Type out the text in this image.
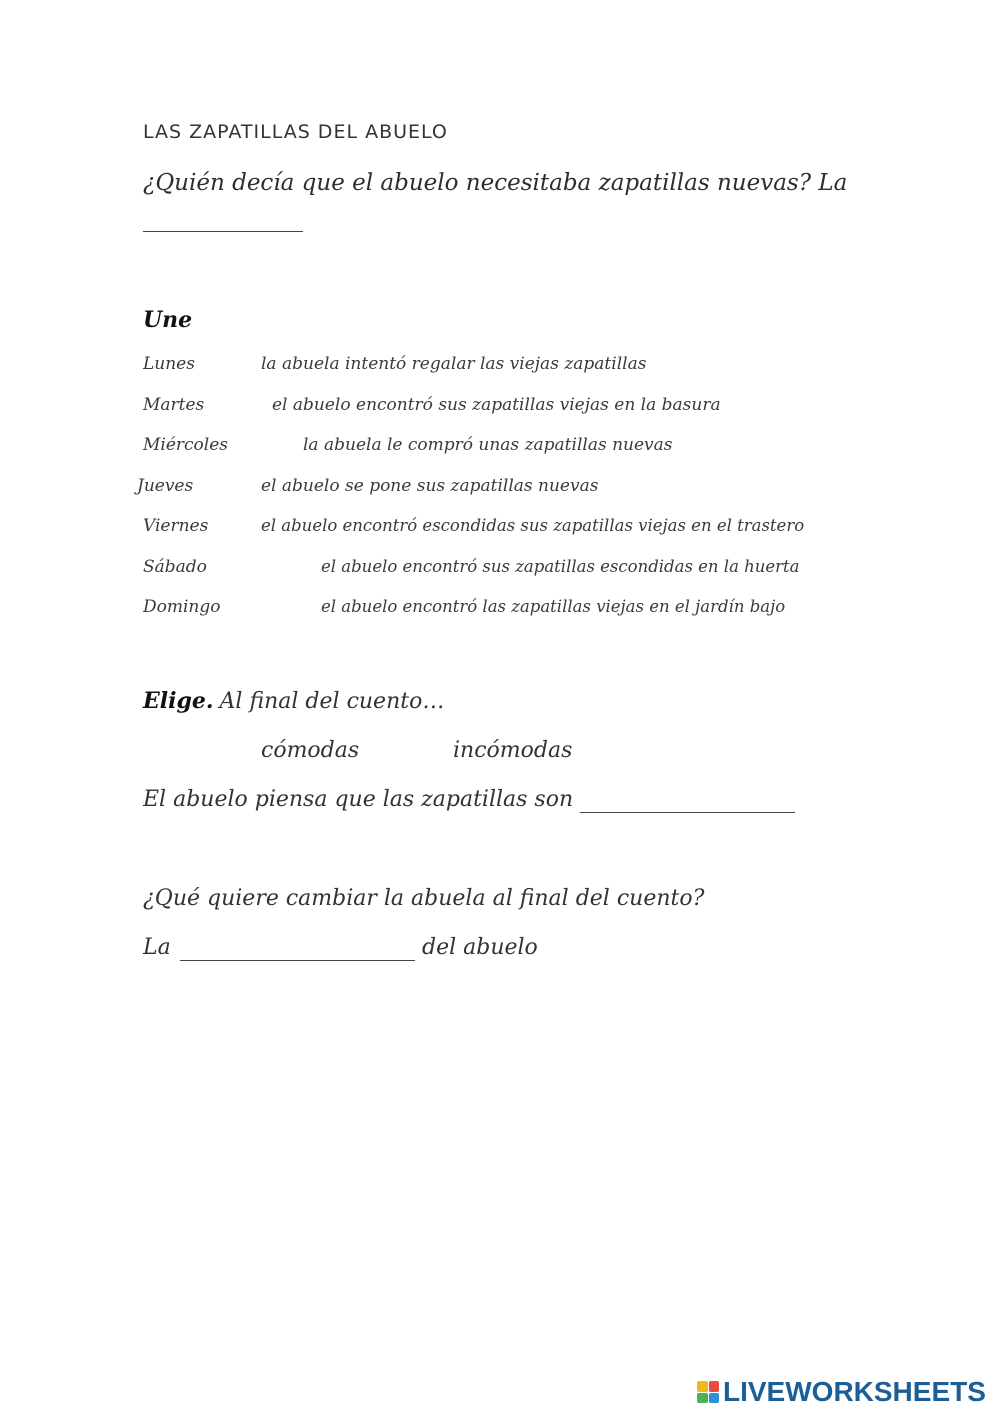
LAS ZAPATILLAS DEL ABUELO
¿Quién decía que el abuelo necesitaba zapatillas nuevas? La
Une
Lunes	la abuela intentó regalar las viejas zapatillas
Martes	el abuelo encontró sus zapatillas viejas en la basura
Miércoles	la abuela le compró unas zapatillas nuevas
Jueves	el abuelo se pone sus zapatillas nuevas
Viernes	el abuelo encontró escondidas sus zapatillas viejas en el trastero
Sábado	el abuelo encontró sus zapatillas escondidas en la huerta
Domingo	el abuelo encontró las zapatillas viejas en el jardín bajo
Elige. Al final del cuento…
cómodas	incómodas
El abuelo piensa que las zapatillas son
¿Qué quiere cambiar la abuela al final del cuento?
La	del abuelo
LIVEWORKSHEETS
